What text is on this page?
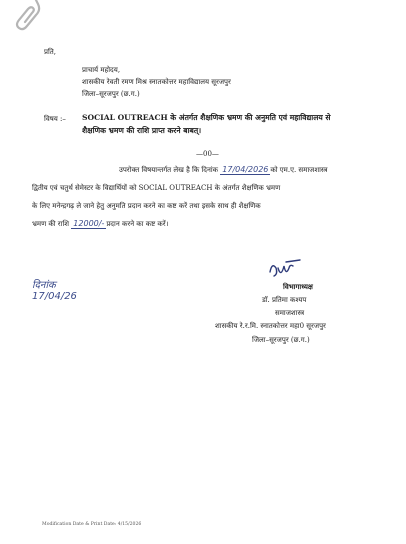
प्रति,
प्राचार्य महोदय,
शासकीय रेवती रमण मिश्र स्नातकोत्तर महाविद्यालय सूरजपुर
जिला–सूरजपुर (छ.ग.)
विषय :– SOCIAL OUTREACH के अंतर्गत शैक्षणिक भ्रमण की अनुमति एवं महाविद्यालय से
शैक्षणिक भ्रमण की राशि प्राप्त करने बाबत्।
—00—
उपरोक्त विषयान्तर्गत लेख है कि दिनांक 17/04/2026 को एम.ए. समाजशास्त्र
द्वितीय एवं चतुर्थ सेमेस्टर के विद्यार्थियों को SOCIAL OUTREACH के अंतर्गत शैक्षणिक भ्रमण
के लिए मनेन्द्रगढ़ ले जाने हेतु अनुमति प्रदान करने का कष्ट करें तथा इसके साथ ही शैक्षणिक
भ्रमण की राशि 12000/- प्रदान करने का कष्ट करें।
विभागाध्यक्ष
डॉ. प्रतिमा कश्यप
समाजशास्त्र
शासकीय रे.र.मि. स्नातकोत्तर महा0 सूरजपुर
जिला–सूरजपुर (छ.ग.)
दिनांक
17/04/26
Modification Date & Print Date: 4/15/2026
